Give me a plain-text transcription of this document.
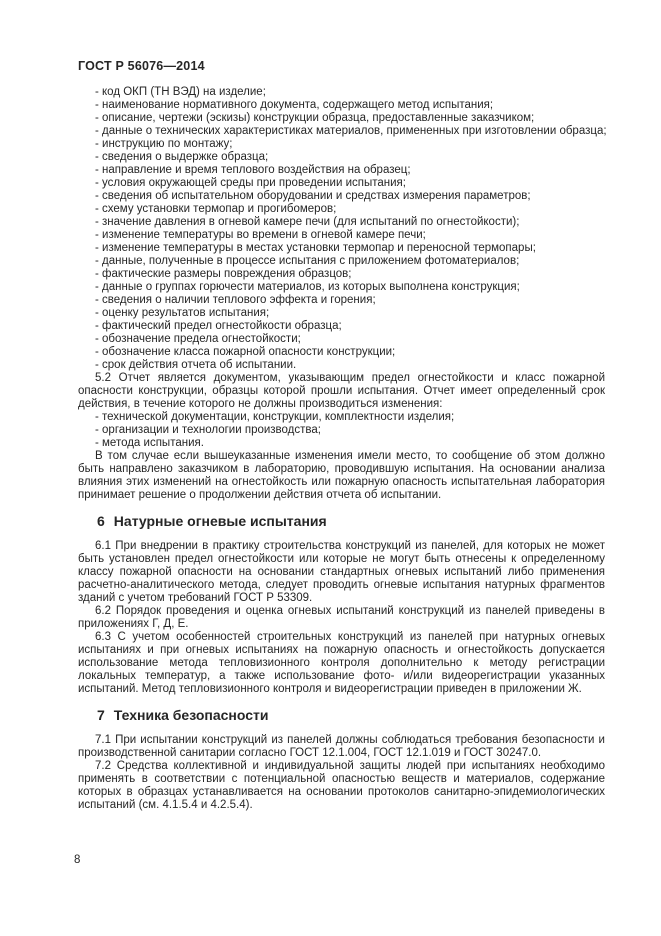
ГОСТ Р 56076—2014
- код ОКП (ТН ВЭД) на изделие;
- наименование нормативного документа, содержащего метод испытания;
- описание, чертежи (эскизы) конструкции образца, предоставленные заказчиком;
- данные о технических характеристиках материалов, примененных при изготовлении образца;
- инструкцию по монтажу;
- сведения о выдержке образца;
- направление и время теплового воздействия на образец;
- условия окружающей среды при проведении испытания;
- сведения об испытательном оборудовании и средствах измерения параметров;
- схему установки термопар и прогибомеров;
- значение давления в огневой камере печи (для испытаний по огнестойкости);
- изменение температуры во времени в огневой камере печи;
- изменение температуры в местах установки термопар и переносной термопары;
- данные, полученные в процессе испытания с приложением фотоматериалов;
- фактические размеры повреждения образцов;
- данные о группах горючести материалов, из которых выполнена конструкция;
- сведения о наличии теплового эффекта и горения;
- оценку результатов испытания;
- фактический предел огнестойкости образца;
- обозначение предела огнестойкости;
- обозначение класса пожарной опасности конструкции;
- срок действия отчета об испытании.

5.2 Отчет является документом, указывающим предел огнестойкости и класс пожарной опасности конструкции, образцы которой прошли испытания. Отчет имеет определенный срок действия, в течение которого не должны производиться изменения:

- технической документации, конструкции, комплектности изделия;
- организации и технологии производства;
- метода испытания.

В том случае если вышеуказанные изменения имели место, то сообщение об этом должно быть направлено заказчиком в лабораторию, проводившую испытания. На основании анализа влияния этих изменений на огнестойкость или пожарную опасность испытательная лаборатория принимает решение о продолжении действия отчета об испытании.

6 Натурные огневые испытания

6.1 При внедрении в практику строительства конструкций из панелей, для которых не может быть установлен предел огнестойкости или которые не могут быть отнесены к определенному классу пожарной опасности на основании стандартных огневых испытаний либо применения расчетно-аналитического метода, следует проводить огневые испытания натурных фрагментов зданий с учетом требований ГОСТ Р 53309.

6.2 Порядок проведения и оценка огневых испытаний конструкций из панелей приведены в приложениях Г, Д, Е.

6.3 С учетом особенностей строительных конструкций из панелей при натурных огневых испытаниях и при огневых испытаниях на пожарную опасность и огнестойкость допускается использование метода тепловизионного контроля дополнительно к методу регистрации локальных температур, а также использование фото- и/или видеорегистрации указанных испытаний. Метод тепловизионного контроля и видеорегистрации приведен в приложении Ж.

7 Техника безопасности

7.1 При испытании конструкций из панелей должны соблюдаться требования безопасности и производственной санитарии согласно ГОСТ 12.1.004, ГОСТ 12.1.019 и ГОСТ 30247.0.

7.2 Средства коллективной и индивидуальной защиты людей при испытаниях необходимо применять в соответствии с потенциальной опасностью веществ и материалов, содержание которых в образцах устанавливается на основании протоколов санитарно-эпидемиологических испытаний (см. 4.1.5.4 и 4.2.5.4).

8
